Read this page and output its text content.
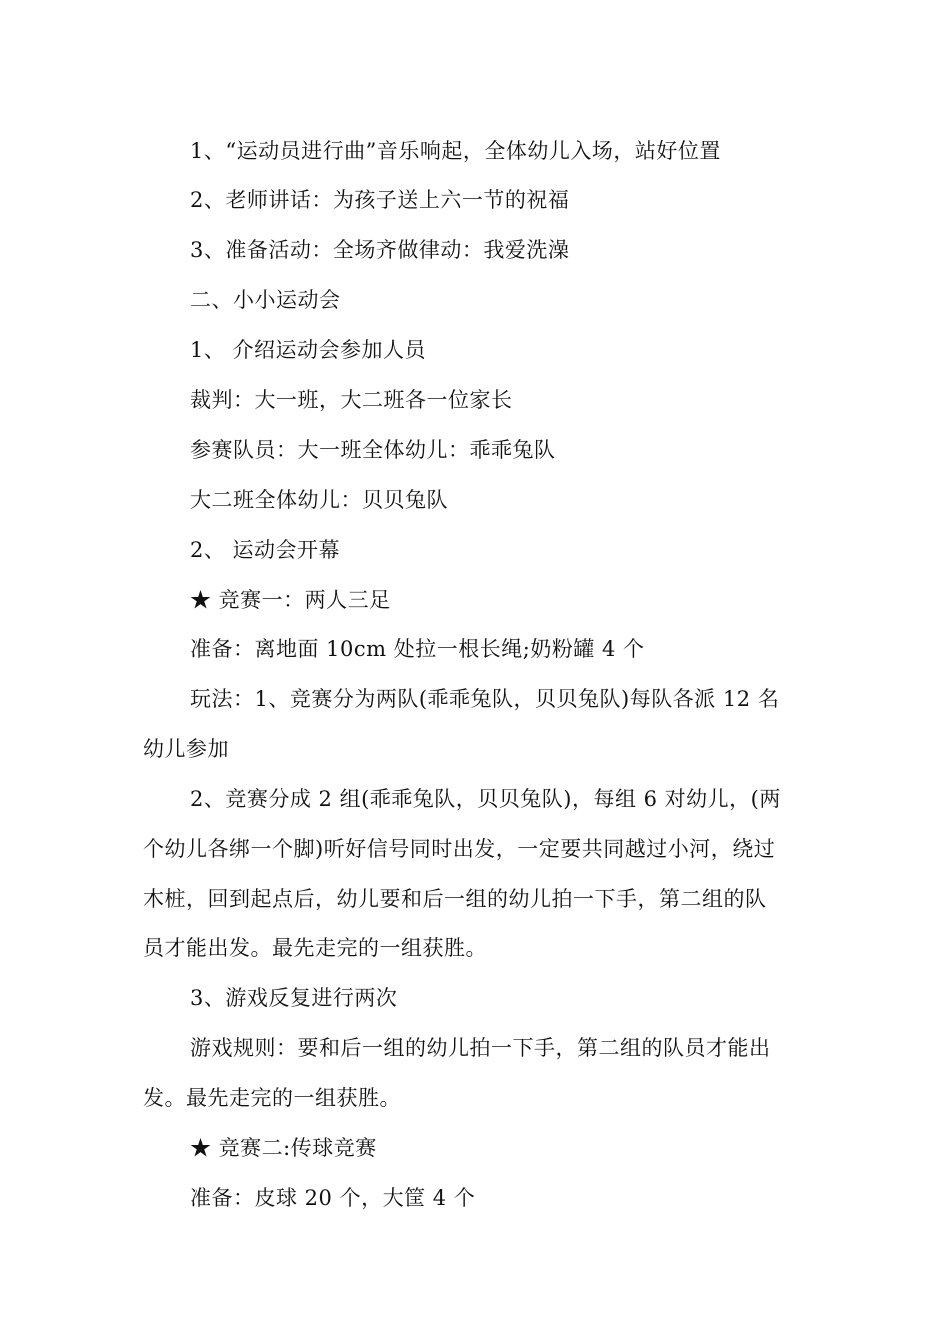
1、“运动员进行曲”音乐响起，全体幼儿入场，站好位置
2、老师讲话：为孩子送上六一节的祝福
3、准备活动：全场齐做律动：我爱洗澡
二、小小运动会
1、 介绍运动会参加人员
裁判：大一班，大二班各一位家长
参赛队员：大一班全体幼儿：乖乖兔队
大二班全体幼儿：贝贝兔队
2、 运动会开幕
★ 竞赛一：两人三足
准备：离地面 10cm 处拉一根长绳;奶粉罐 4 个
玩法：1、竞赛分为两队(乖乖兔队，贝贝兔队)每队各派 12 名
幼儿参加
2、竞赛分成 2 组(乖乖兔队，贝贝兔队)，每组 6 对幼儿，(两
个幼儿各绑一个脚)听好信号同时出发，一定要共同越过小河，绕过
木桩，回到起点后，幼儿要和后一组的幼儿拍一下手，第二组的队
员才能出发。最先走完的一组获胜。
3、游戏反复进行两次
游戏规则：要和后一组的幼儿拍一下手，第二组的队员才能出
发。最先走完的一组获胜。
★ 竞赛二:传球竞赛
准备：皮球 20 个，大筐 4 个
